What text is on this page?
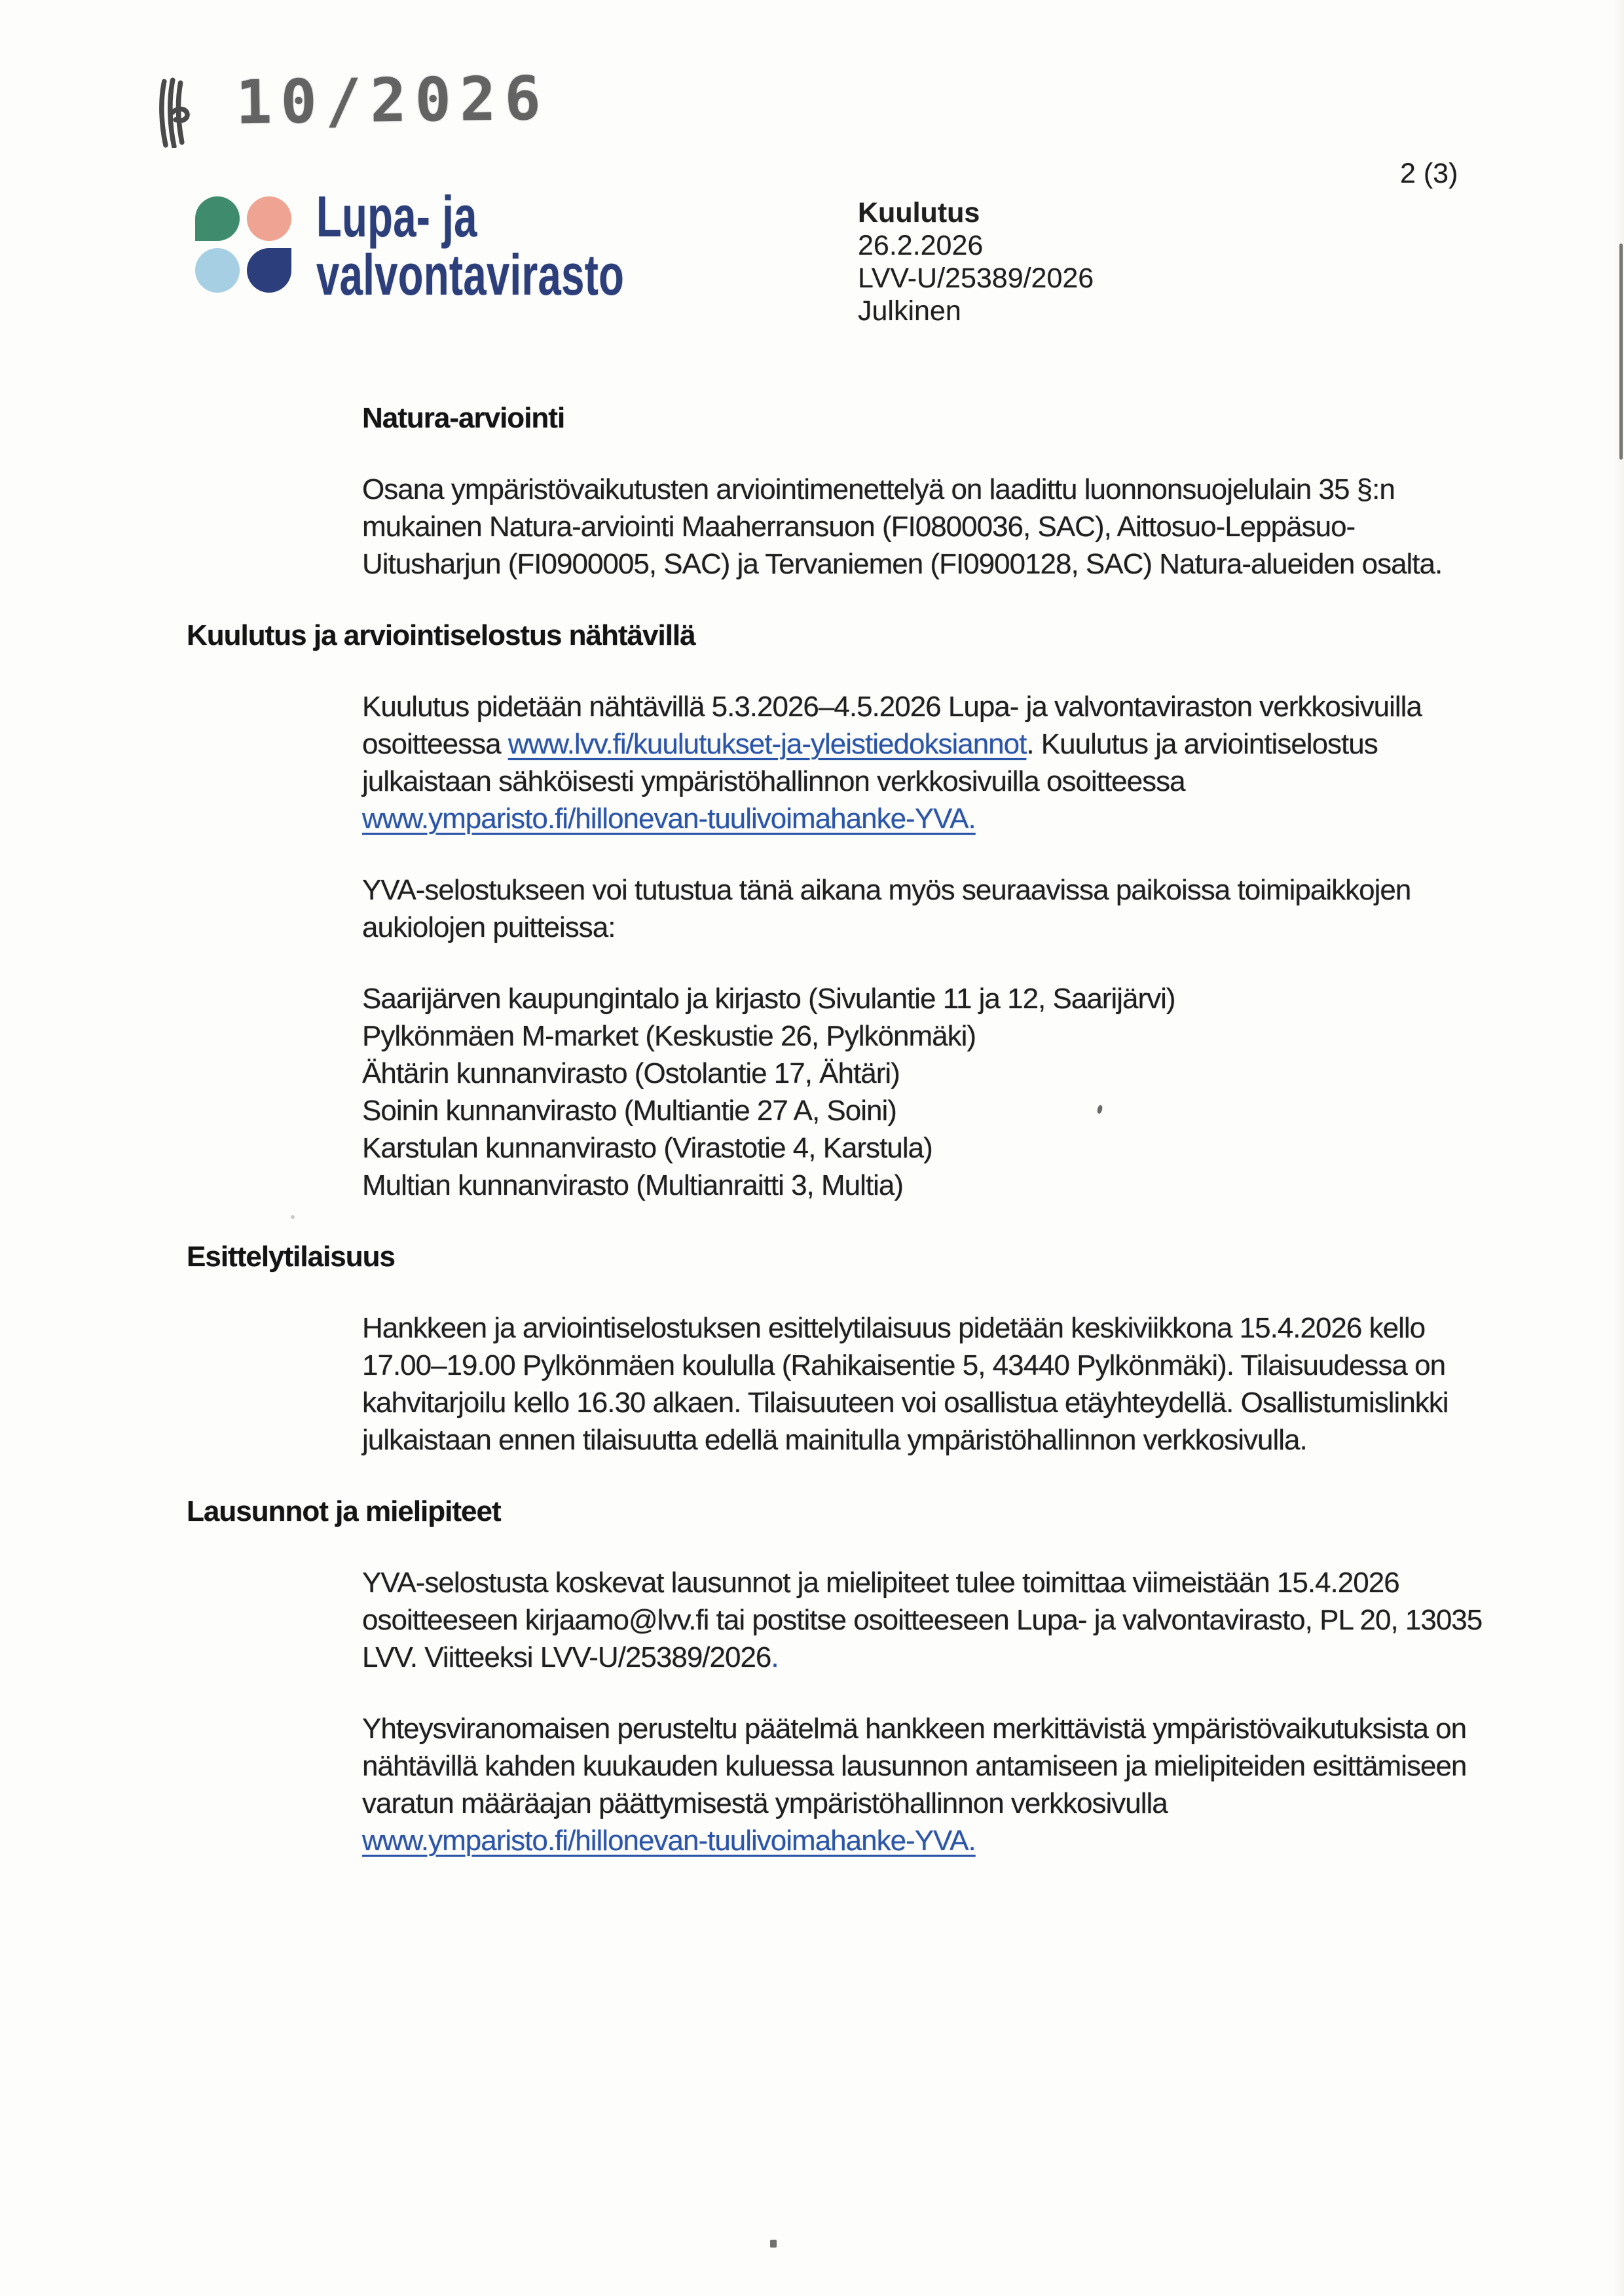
10/2026
2 (3)
Lupa- ja
valvontavirasto
Kuulutus
26.2.2026
LVV-U/25389/2026
Julkinen
Natura-arviointi

Osana ympäristövaikutusten arviointimenettelyä on laadittu luonnonsuojelulain 35 §:n mukainen Natura-arviointi Maaherransuon (FI0800036, SAC), Aittosuo-Leppäsuo-Uitusharjun (FI0900005, SAC) ja Tervaniemen (FI0900128, SAC) Natura-alueiden osalta.

Kuulutus ja arviointiselostus nähtävillä

Kuulutus pidetään nähtävillä 5.3.2026–4.5.2026 Lupa- ja valvontaviraston verkkosivuilla osoitteessa www.lvv.fi/kuulutukset-ja-yleistiedoksiannot. Kuulutus ja arviointiselostus julkaistaan sähköisesti ympäristöhallinnon verkkosivuilla osoitteessa www.ymparisto.fi/hillonevan-tuulivoimahanke-YVA.

YVA-selostukseen voi tutustua tänä aikana myös seuraavissa paikoissa toimipaikkojen aukiolojen puitteissa:

Saarijärven kaupungintalo ja kirjasto (Sivulantie 11 ja 12, Saarijärvi)
Pylkönmäen M-market (Keskustie 26, Pylkönmäki)
Ähtärin kunnanvirasto (Ostolantie 17, Ähtäri)
Soinin kunnanvirasto (Multiantie 27 A, Soini)
Karstulan kunnanvirasto (Virastotie 4, Karstula)
Multian kunnanvirasto (Multianraitti 3, Multia)
Esittelytilaisuus

Hankkeen ja arviointiselostuksen esittelytilaisuus pidetään keskiviikkona 15.4.2026 kello 17.00–19.00 Pylkönmäen koululla (Rahikaisentie 5, 43440 Pylkönmäki). Tilaisuudessa on kahvitarjoilu kello 16.30 alkaen. Tilaisuuteen voi osallistua etäyhteydellä. Osallistumislinkki julkaistaan ennen tilaisuutta edellä mainitulla ympäristöhallinnon verkkosivulla.

Lausunnot ja mielipiteet

YVA-selostusta koskevat lausunnot ja mielipiteet tulee toimittaa viimeistään 15.4.2026 osoitteeseen kirjaamo@lvv.fi tai postitse osoitteeseen Lupa- ja valvontavirasto, PL 20, 13035 LVV. Viitteeksi LVV-U/25389/2026.

Yhteysviranomaisen perusteltu päätelmä hankkeen merkittävistä ympäristövaikutuksista on nähtävillä kahden kuukauden kuluessa lausunnon antamiseen ja mielipiteiden esittämiseen varatun määräajan päättymisestä ympäristöhallinnon verkkosivulla www.ymparisto.fi/hillonevan-tuulivoimahanke-YVA.
